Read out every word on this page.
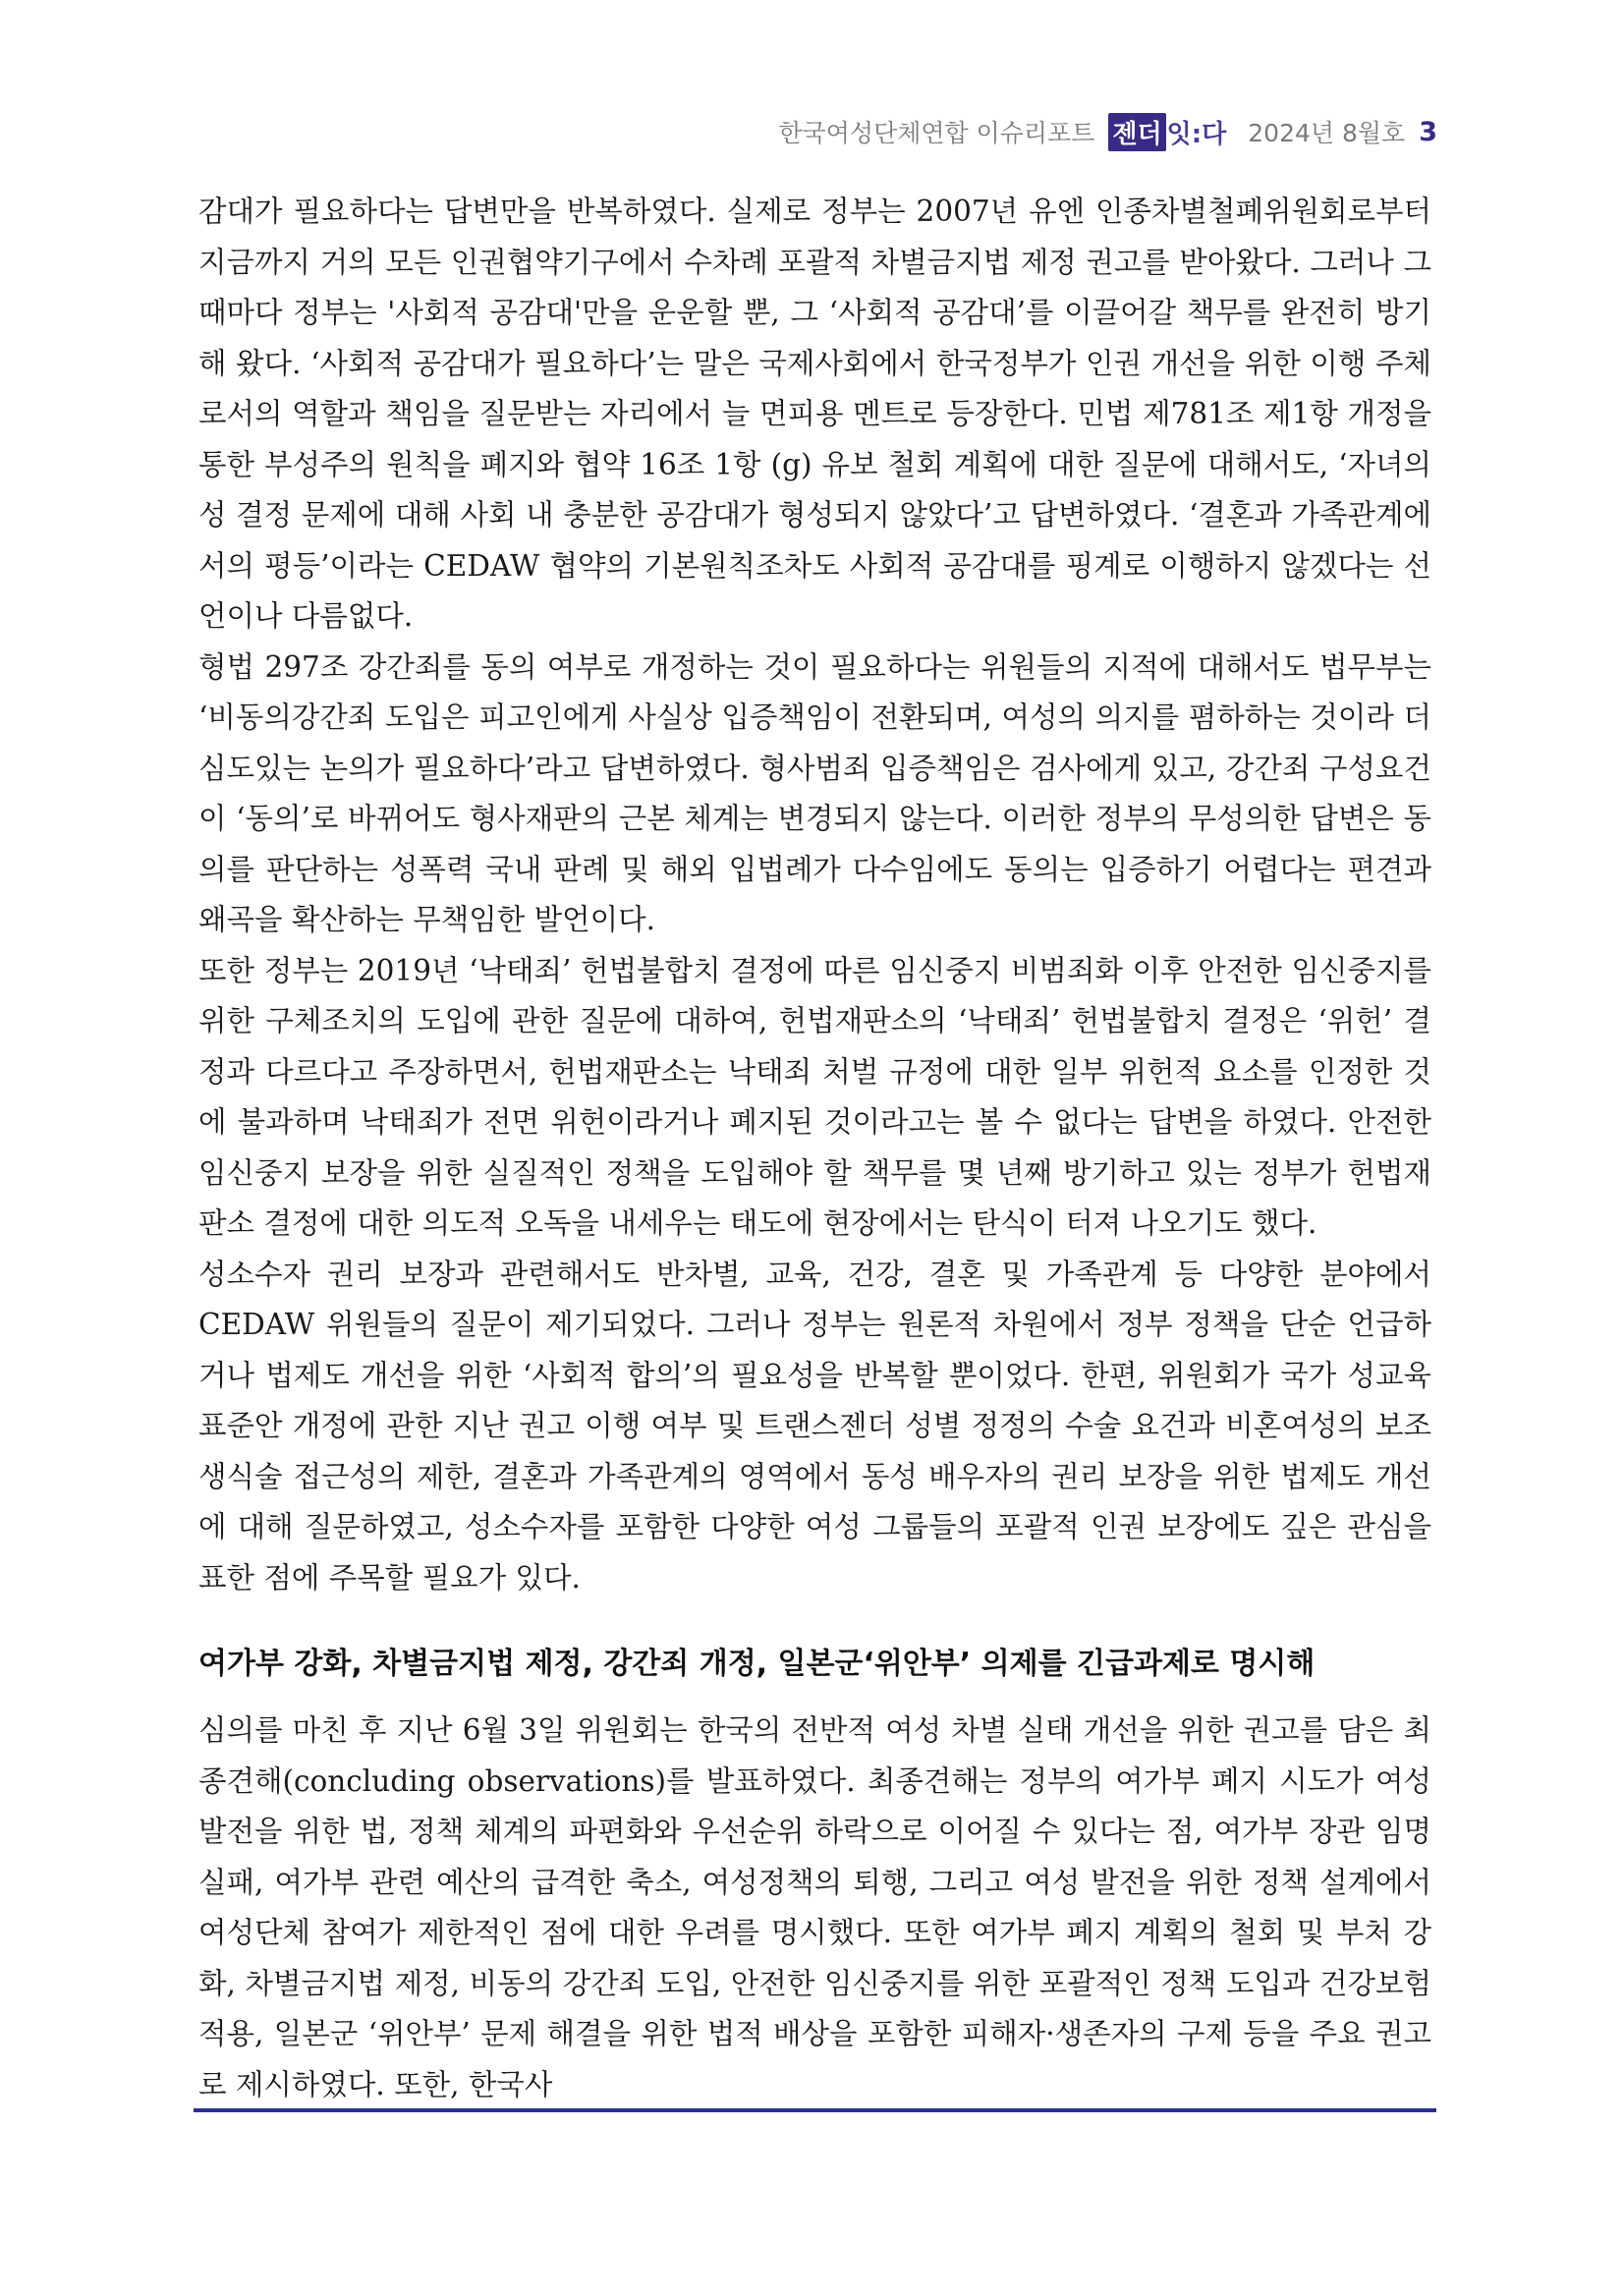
한국여성단체연합 이슈리포트 젠더 잇:다 2024년 8월호 3

감대가 필요하다는 답변만을 반복하였다. 실제로 정부는 2007년 유엔 인종차별철폐위원회로부터 지금까지 거의 모든 인권협약기구에서 수차례 포괄적 차별금지법 제정 권고를 받아왔다. 그러나 그때마다 정부는 '사회적 공감대'만을 운운할 뿐, 그 ‘사회적 공감대’를 이끌어갈 책무를 완전히 방기해 왔다. ‘사회적 공감대가 필요하다’는 말은 국제사회에서 한국정부가 인권 개선을 위한 이행 주체로서의 역할과 책임을 질문받는 자리에서 늘 면피용 멘트로 등장한다. 민법 제781조 제1항 개정을 통한 부성주의 원칙을 폐지와 협약 16조 1항 (g) 유보 철회 계획에 대한 질문에 대해서도, ‘자녀의 성 결정 문제에 대해 사회 내 충분한 공감대가 형성되지 않았다’고 답변하였다. ‘결혼과 가족관계에서의 평등’이라는 CEDAW 협약의 기본원칙조차도 사회적 공감대를 핑계로 이행하지 않겠다는 선언이나 다름없다.

형법 297조 강간죄를 동의 여부로 개정하는 것이 필요하다는 위원들의 지적에 대해서도 법무부는 ‘비동의강간죄 도입은 피고인에게 사실상 입증책임이 전환되며, 여성의 의지를 폄하하는 것이라 더 심도있는 논의가 필요하다’라고 답변하였다. 형사범죄 입증책임은 검사에게 있고, 강간죄 구성요건이 ‘동의’로 바뀌어도 형사재판의 근본 체계는 변경되지 않는다. 이러한 정부의 무성의한 답변은 동의를 판단하는 성폭력 국내 판례 및 해외 입법례가 다수임에도 동의는 입증하기 어렵다는 편견과 왜곡을 확산하는 무책임한 발언이다.

또한 정부는 2019년 ‘낙태죄’ 헌법불합치 결정에 따른 임신중지 비범죄화 이후 안전한 임신중지를 위한 구체조치의 도입에 관한 질문에 대하여, 헌법재판소의 ‘낙태죄’ 헌법불합치 결정은 ‘위헌’ 결정과 다르다고 주장하면서, 헌법재판소는 낙태죄 처벌 규정에 대한 일부 위헌적 요소를 인정한 것에 불과하며 낙태죄가 전면 위헌이라거나 폐지된 것이라고는 볼 수 없다는 답변을 하였다. 안전한 임신중지 보장을 위한 실질적인 정책을 도입해야 할 책무를 몇 년째 방기하고 있는 정부가 헌법재판소 결정에 대한 의도적 오독을 내세우는 태도에 현장에서는 탄식이 터져 나오기도 했다.

성소수자 권리 보장과 관련해서도 반차별, 교육, 건강, 결혼 및 가족관계 등 다양한 분야에서 CEDAW 위원들의 질문이 제기되었다. 그러나 정부는 원론적 차원에서 정부 정책을 단순 언급하거나 법제도 개선을 위한 ‘사회적 합의’의 필요성을 반복할 뿐이었다. 한편, 위원회가 국가 성교육 표준안 개정에 관한 지난 권고 이행 여부 및 트랜스젠더 성별 정정의 수술 요건과 비혼여성의 보조생식술 접근성의 제한, 결혼과 가족관계의 영역에서 동성 배우자의 권리 보장을 위한 법제도 개선에 대해 질문하였고, 성소수자를 포함한 다양한 여성 그룹들의 포괄적 인권 보장에도 깊은 관심을 표한 점에 주목할 필요가 있다.

여가부 강화, 차별금지법 제정, 강간죄 개정, 일본군‘위안부’ 의제를 긴급과제로 명시해

심의를 마친 후 지난 6월 3일 위원회는 한국의 전반적 여성 차별 실태 개선을 위한 권고를 담은 최종견해(concluding observations)를 발표하였다. 최종견해는 정부의 여가부 폐지 시도가 여성 발전을 위한 법, 정책 체계의 파편화와 우선순위 하락으로 이어질 수 있다는 점, 여가부 장관 임명 실패, 여가부 관련 예산의 급격한 축소, 여성정책의 퇴행, 그리고 여성 발전을 위한 정책 설계에서 여성단체 참여가 제한적인 점에 대한 우려를 명시했다. 또한 여가부 폐지 계획의 철회 및 부처 강화, 차별금지법 제정, 비동의 강간죄 도입, 안전한 임신중지를 위한 포괄적인 정책 도입과 건강보험 적용, 일본군 ‘위안부’ 문제 해결을 위한 법적 배상을 포함한 피해자·생존자의 구제 등을 주요 권고로 제시하였다. 또한, 한국사
